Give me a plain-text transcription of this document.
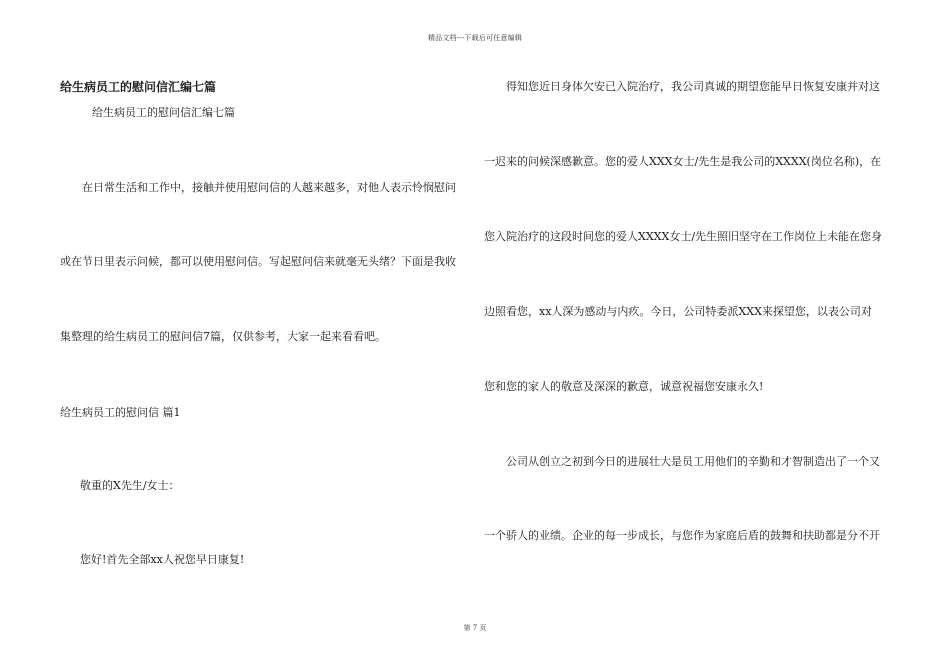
精品文档---下载后可任意编辑
给生病员工的慰问信汇编七篇
给生病员工的慰问信汇编七篇
在日常生活和工作中，接触并使用慰问信的人越来越多，对他人表示怜悯慰问
或在节日里表示问候，都可以使用慰问信。写起慰问信来就毫无头绪？下面是我收
集整理的给生病员工的慰问信7篇，仅供参考，大家一起来看看吧。
给生病员工的慰问信 篇1
敬重的X先生/女士：
您好!首先全部xx人祝您早日康复!
得知您近日身体欠安已入院治疗，我公司真诚的期望您能早日恢复安康并对这
一迟来的问候深感歉意。您的爱人XXX女士/先生是我公司的XXXX(岗位名称)，在
您入院治疗的这段时间您的爱人XXXX女士/先生照旧坚守在工作岗位上未能在您身
边照看您，xx人深为感动与内疚。今日，公司特委派XXX来探望您，以表公司对
您和您的家人的敬意及深深的歉意，诚意祝福您安康永久!
公司从创立之初到今日的进展壮大是员工用他们的辛勤和才智制造出了一个又
一个骄人的业绩。企业的每一步成长，与您作为家庭后盾的鼓舞和扶助都是分不开
第 7 页
